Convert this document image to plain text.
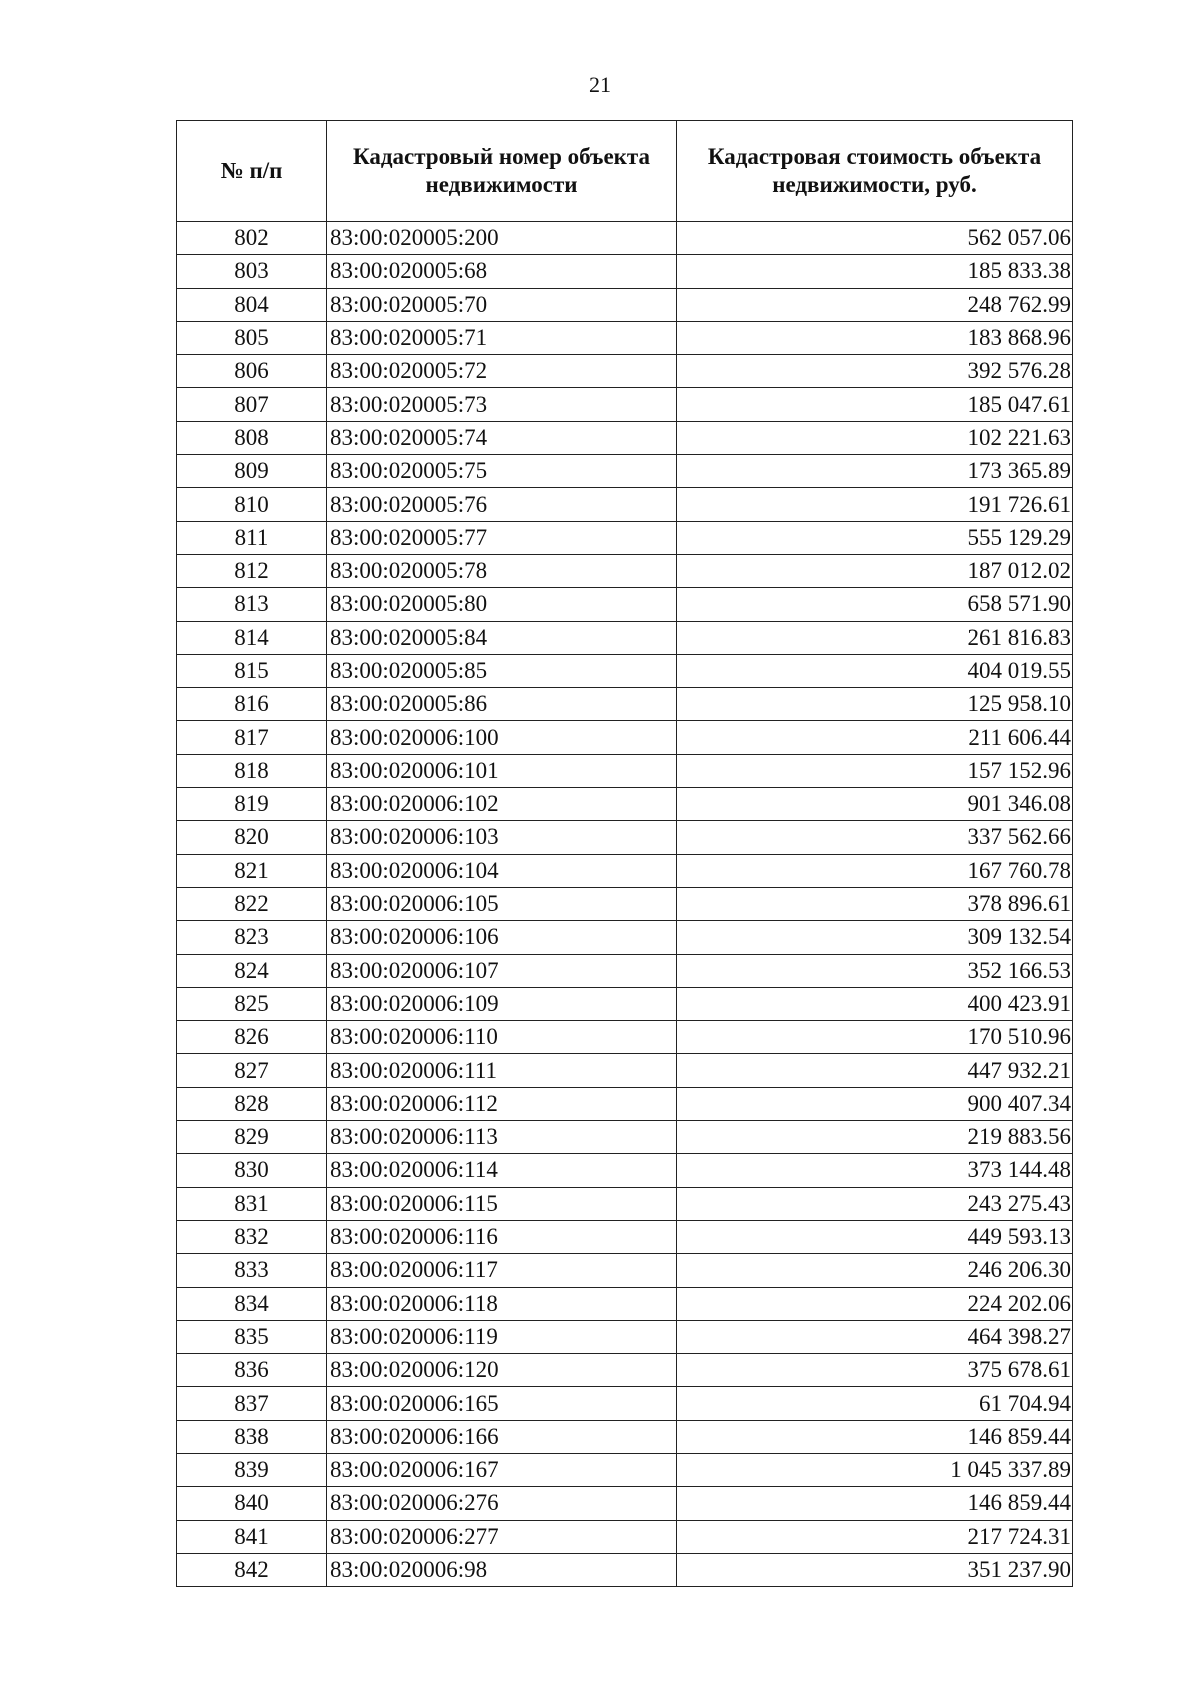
21
№ п/п	Кадастровый номер объекта недвижимости	Кадастровая стоимость объекта недвижимости, руб.
802	83:00:020005:200	562 057.06
803	83:00:020005:68	185 833.38
804	83:00:020005:70	248 762.99
805	83:00:020005:71	183 868.96
806	83:00:020005:72	392 576.28
807	83:00:020005:73	185 047.61
808	83:00:020005:74	102 221.63
809	83:00:020005:75	173 365.89
810	83:00:020005:76	191 726.61
811	83:00:020005:77	555 129.29
812	83:00:020005:78	187 012.02
813	83:00:020005:80	658 571.90
814	83:00:020005:84	261 816.83
815	83:00:020005:85	404 019.55
816	83:00:020005:86	125 958.10
817	83:00:020006:100	211 606.44
818	83:00:020006:101	157 152.96
819	83:00:020006:102	901 346.08
820	83:00:020006:103	337 562.66
821	83:00:020006:104	167 760.78
822	83:00:020006:105	378 896.61
823	83:00:020006:106	309 132.54
824	83:00:020006:107	352 166.53
825	83:00:020006:109	400 423.91
826	83:00:020006:110	170 510.96
827	83:00:020006:111	447 932.21
828	83:00:020006:112	900 407.34
829	83:00:020006:113	219 883.56
830	83:00:020006:114	373 144.48
831	83:00:020006:115	243 275.43
832	83:00:020006:116	449 593.13
833	83:00:020006:117	246 206.30
834	83:00:020006:118	224 202.06
835	83:00:020006:119	464 398.27
836	83:00:020006:120	375 678.61
837	83:00:020006:165	61 704.94
838	83:00:020006:166	146 859.44
839	83:00:020006:167	1 045 337.89
840	83:00:020006:276	146 859.44
841	83:00:020006:277	217 724.31
842	83:00:020006:98	351 237.90
